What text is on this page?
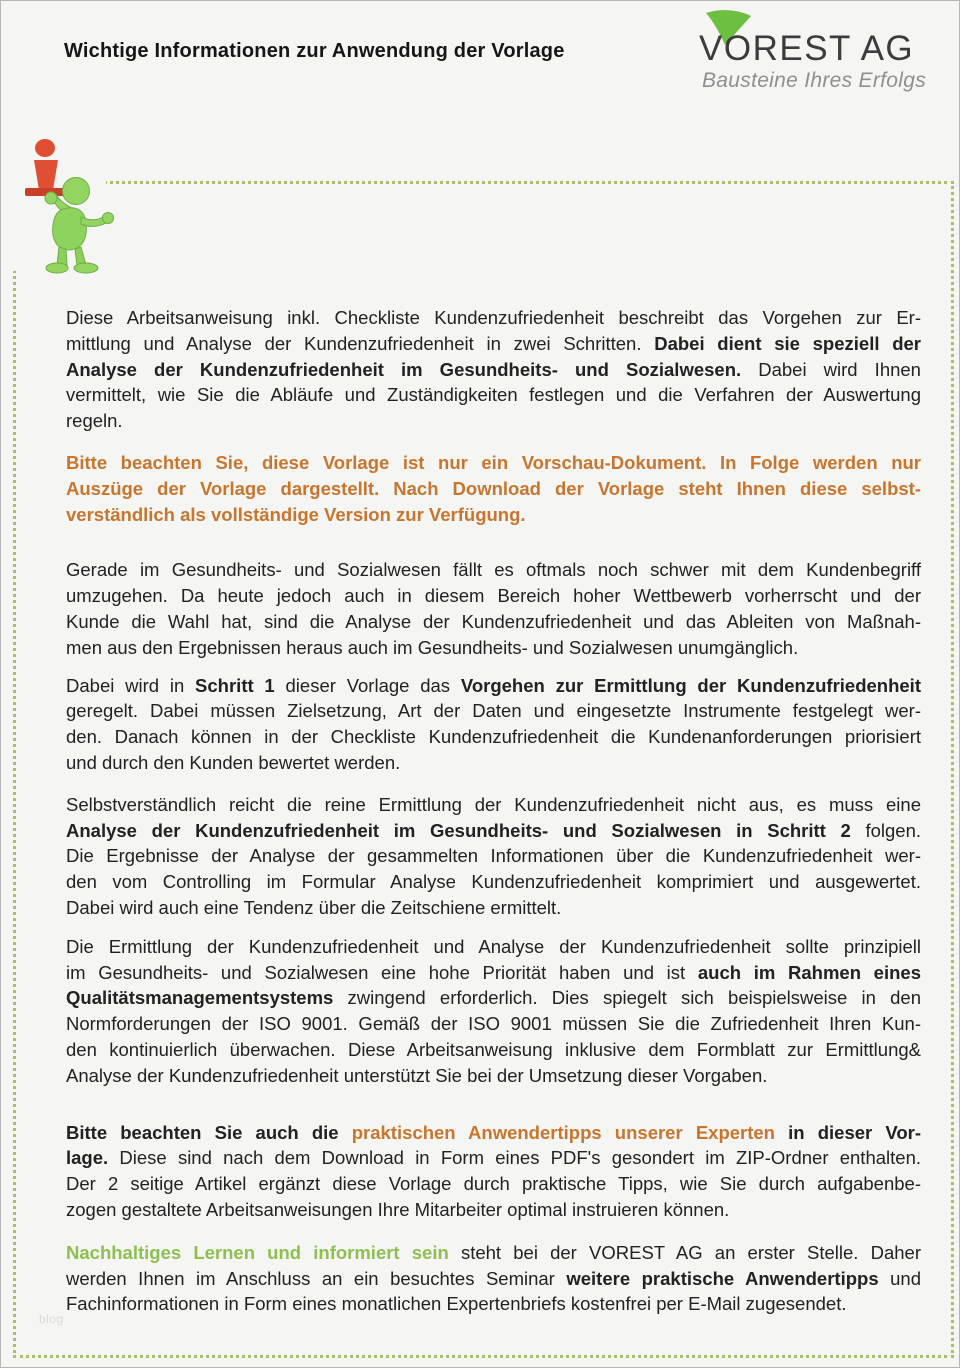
Wichtige Informationen zur Anwendung der Vorlage	VOREST AG
Bausteine Ihres Erfolgs
Diese Arbeitsanweisung inkl. Checkliste Kundenzufriedenheit beschreibt das Vorgehen zur Er-
mittlung und Analyse der Kundenzufriedenheit in zwei Schritten. Dabei dient sie speziell der
Analyse der Kundenzufriedenheit im Gesundheits- und Sozialwesen. Dabei wird Ihnen
vermittelt, wie Sie die Abläufe und Zuständigkeiten festlegen und die Verfahren der Auswertung
regeln.
Bitte beachten Sie, diese Vorlage ist nur ein Vorschau-Dokument. In Folge werden nur
Auszüge der Vorlage dargestellt. Nach Download der Vorlage steht Ihnen diese selbst-
verständlich als vollständige Version zur Verfügung.
Gerade im Gesundheits- und Sozialwesen fällt es oftmals noch schwer mit dem Kundenbegriff
umzugehen. Da heute jedoch auch in diesem Bereich hoher Wettbewerb vorherrscht und der
Kunde die Wahl hat, sind die Analyse der Kundenzufriedenheit und das Ableiten von Maßnah-
men aus den Ergebnissen heraus auch im Gesundheits- und Sozialwesen unumgänglich.
Dabei wird in Schritt 1 dieser Vorlage das Vorgehen zur Ermittlung der Kundenzufriedenheit
geregelt. Dabei müssen Zielsetzung, Art der Daten und eingesetzte Instrumente festgelegt wer-
den. Danach können in der Checkliste Kundenzufriedenheit die Kundenanforderungen priorisiert
und durch den Kunden bewertet werden.
Selbstverständlich reicht die reine Ermittlung der Kundenzufriedenheit nicht aus, es muss eine
Analyse der Kundenzufriedenheit im Gesundheits- und Sozialwesen in Schritt 2 folgen.
Die Ergebnisse der Analyse der gesammelten Informationen über die Kundenzufriedenheit wer-
den vom Controlling im Formular Analyse Kundenzufriedenheit komprimiert und ausgewertet.
Dabei wird auch eine Tendenz über die Zeitschiene ermittelt.
Die Ermittlung der Kundenzufriedenheit und Analyse der Kundenzufriedenheit sollte prinzipiell
im Gesundheits- und Sozialwesen eine hohe Priorität haben und ist auch im Rahmen eines
Qualitätsmanagementsystems zwingend erforderlich. Dies spiegelt sich beispielsweise in den
Normforderungen der ISO 9001. Gemäß der ISO 9001 müssen Sie die Zufriedenheit Ihren Kun-
den kontinuierlich überwachen. Diese Arbeitsanweisung inklusive dem Formblatt zur Ermittlung&
Analyse der Kundenzufriedenheit unterstützt Sie bei der Umsetzung dieser Vorgaben.
Bitte beachten Sie auch die praktischen Anwendertipps unserer Experten in dieser Vor-
lage. Diese sind nach dem Download in Form eines PDF's gesondert im ZIP-Ordner enthalten.
Der 2 seitige Artikel ergänzt diese Vorlage durch praktische Tipps, wie Sie durch aufgabenbe-
zogen gestaltete Arbeitsanweisungen Ihre Mitarbeiter optimal instruieren können.
Nachhaltiges Lernen und informiert sein steht bei der VOREST AG an erster Stelle. Daher
werden Ihnen im Anschluss an ein besuchtes Seminar weitere praktische Anwendertipps und
Fachinformationen in Form eines monatlichen Expertenbriefs kostenfrei per E-Mail zugesendet.
blog
